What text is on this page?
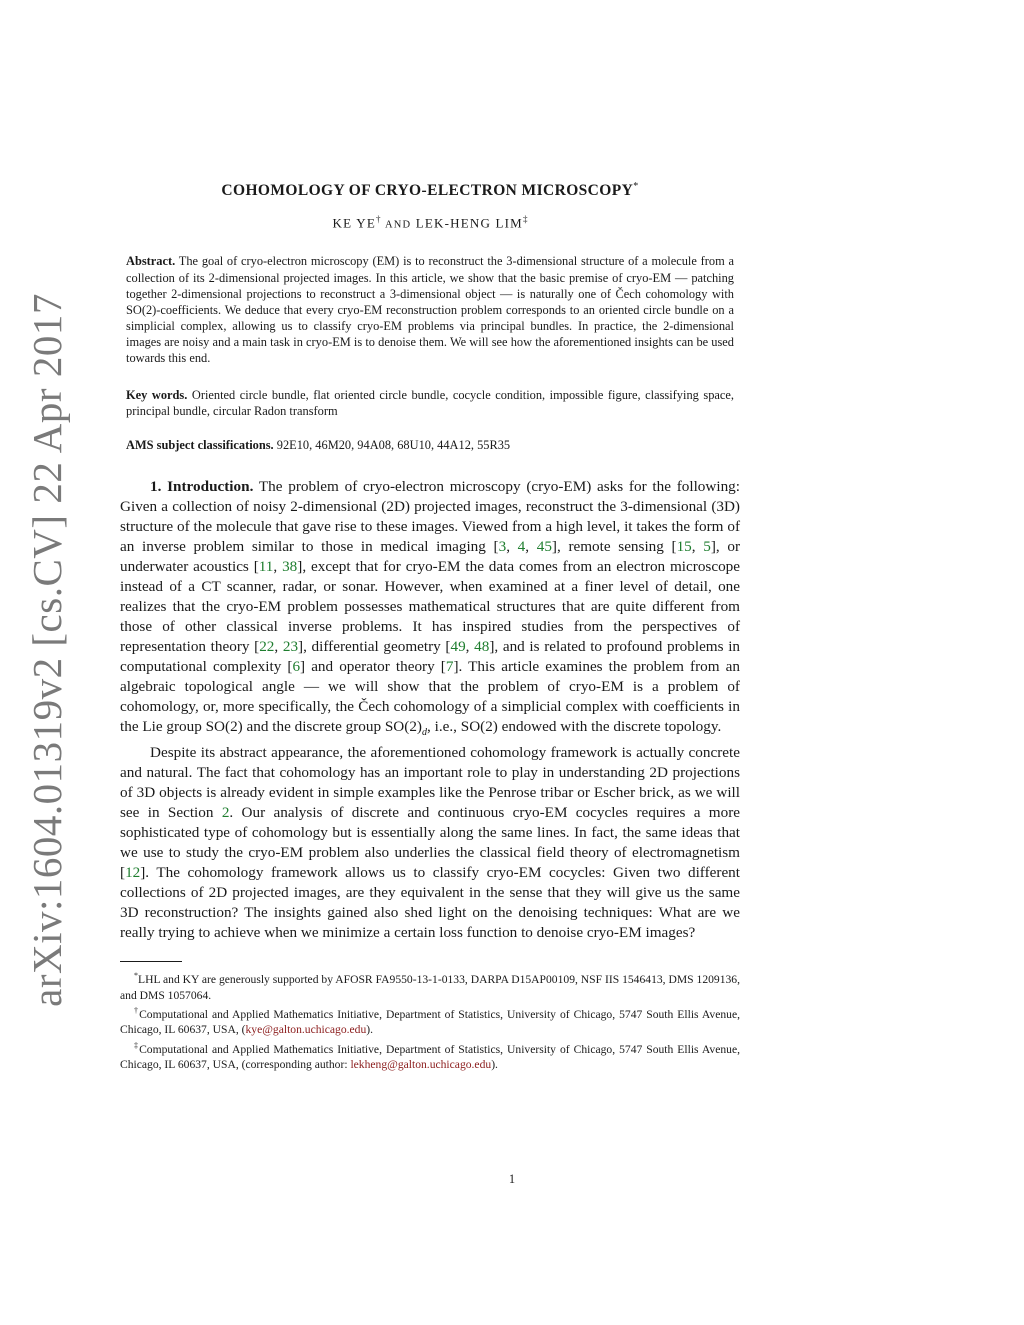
arXiv:1604.01319v2 [cs.CV] 22 Apr 2017
COHOMOLOGY OF CRYO-ELECTRON MICROSCOPY*
KE YE† AND LEK-HENG LIM‡
Abstract. The goal of cryo-electron microscopy (EM) is to reconstruct the 3-dimensional structure of a molecule from a collection of its 2-dimensional projected images. In this article, we show that the basic premise of cryo-EM — patching together 2-dimensional projections to reconstruct a 3-dimensional object — is naturally one of Čech cohomology with SO(2)-coefficients. We deduce that every cryo-EM reconstruction problem corresponds to an oriented circle bundle on a simplicial complex, allowing us to classify cryo-EM problems via principal bundles. In practice, the 2-dimensional images are noisy and a main task in cryo-EM is to denoise them. We will see how the aforementioned insights can be used towards this end.
Key words. Oriented circle bundle, flat oriented circle bundle, cocycle condition, impossible figure, classifying space, principal bundle, circular Radon transform
AMS subject classifications. 92E10, 46M20, 94A08, 68U10, 44A12, 55R35

1. Introduction. The problem of cryo-electron microscopy (cryo-EM) asks for the following: Given a collection of noisy 2-dimensional (2D) projected images, reconstruct the 3-dimensional (3D) structure of the molecule that gave rise to these images. Viewed from a high level, it takes the form of an inverse problem similar to those in medical imaging [3, 4, 45], remote sensing [15, 5], or underwater acoustics [11, 38], except that for cryo-EM the data comes from an electron microscope instead of a CT scanner, radar, or sonar. However, when examined at a finer level of detail, one realizes that the cryo-EM problem possesses mathematical structures that are quite different from those of other classical inverse problems. It has inspired studies from the perspectives of representation theory [22, 23], differential geometry [49, 48], and is related to profound problems in computational complexity [6] and operator theory [7]. This article examines the problem from an algebraic topological angle — we will show that the problem of cryo-EM is a problem of cohomology, or, more specifically, the Čech cohomology of a simplicial complex with coefficients in the Lie group SO(2) and the discrete group $SO(2)_d$, i.e., SO(2) endowed with the discrete topology.

Despite its abstract appearance, the aforementioned cohomology framework is actually concrete and natural. The fact that cohomology has an important role to play in understanding 2D projections of 3D objects is already evident in simple examples like the Penrose tribar or Escher brick, as we will see in Section 2. Our analysis of discrete and continuous cryo-EM cocycles requires a more sophisticated type of cohomology but is essentially along the same lines. In fact, the same ideas that we use to study the cryo-EM problem also underlies the classical field theory of electromagnetism [12]. The cohomology framework allows us to classify cryo-EM cocycles: Given two different collections of 2D projected images, are they equivalent in the sense that they will give us the same 3D reconstruction? The insights gained also shed light on the denoising techniques: What are we really trying to achieve when we minimize a certain loss function to denoise cryo-EM images?

*LHL and KY are generously supported by AFOSR FA9550-13-1-0133, DARPA D15AP00109, NSF IIS 1546413, DMS 1209136, and DMS 1057064.

†Computational and Applied Mathematics Initiative, Department of Statistics, University of Chicago, 5747 South Ellis Avenue, Chicago, IL 60637, USA, (kye@galton.uchicago.edu).

‡Computational and Applied Mathematics Initiative, Department of Statistics, University of Chicago, 5747 South Ellis Avenue, Chicago, IL 60637, USA, (corresponding author: lekheng@galton.uchicago.edu).

1
